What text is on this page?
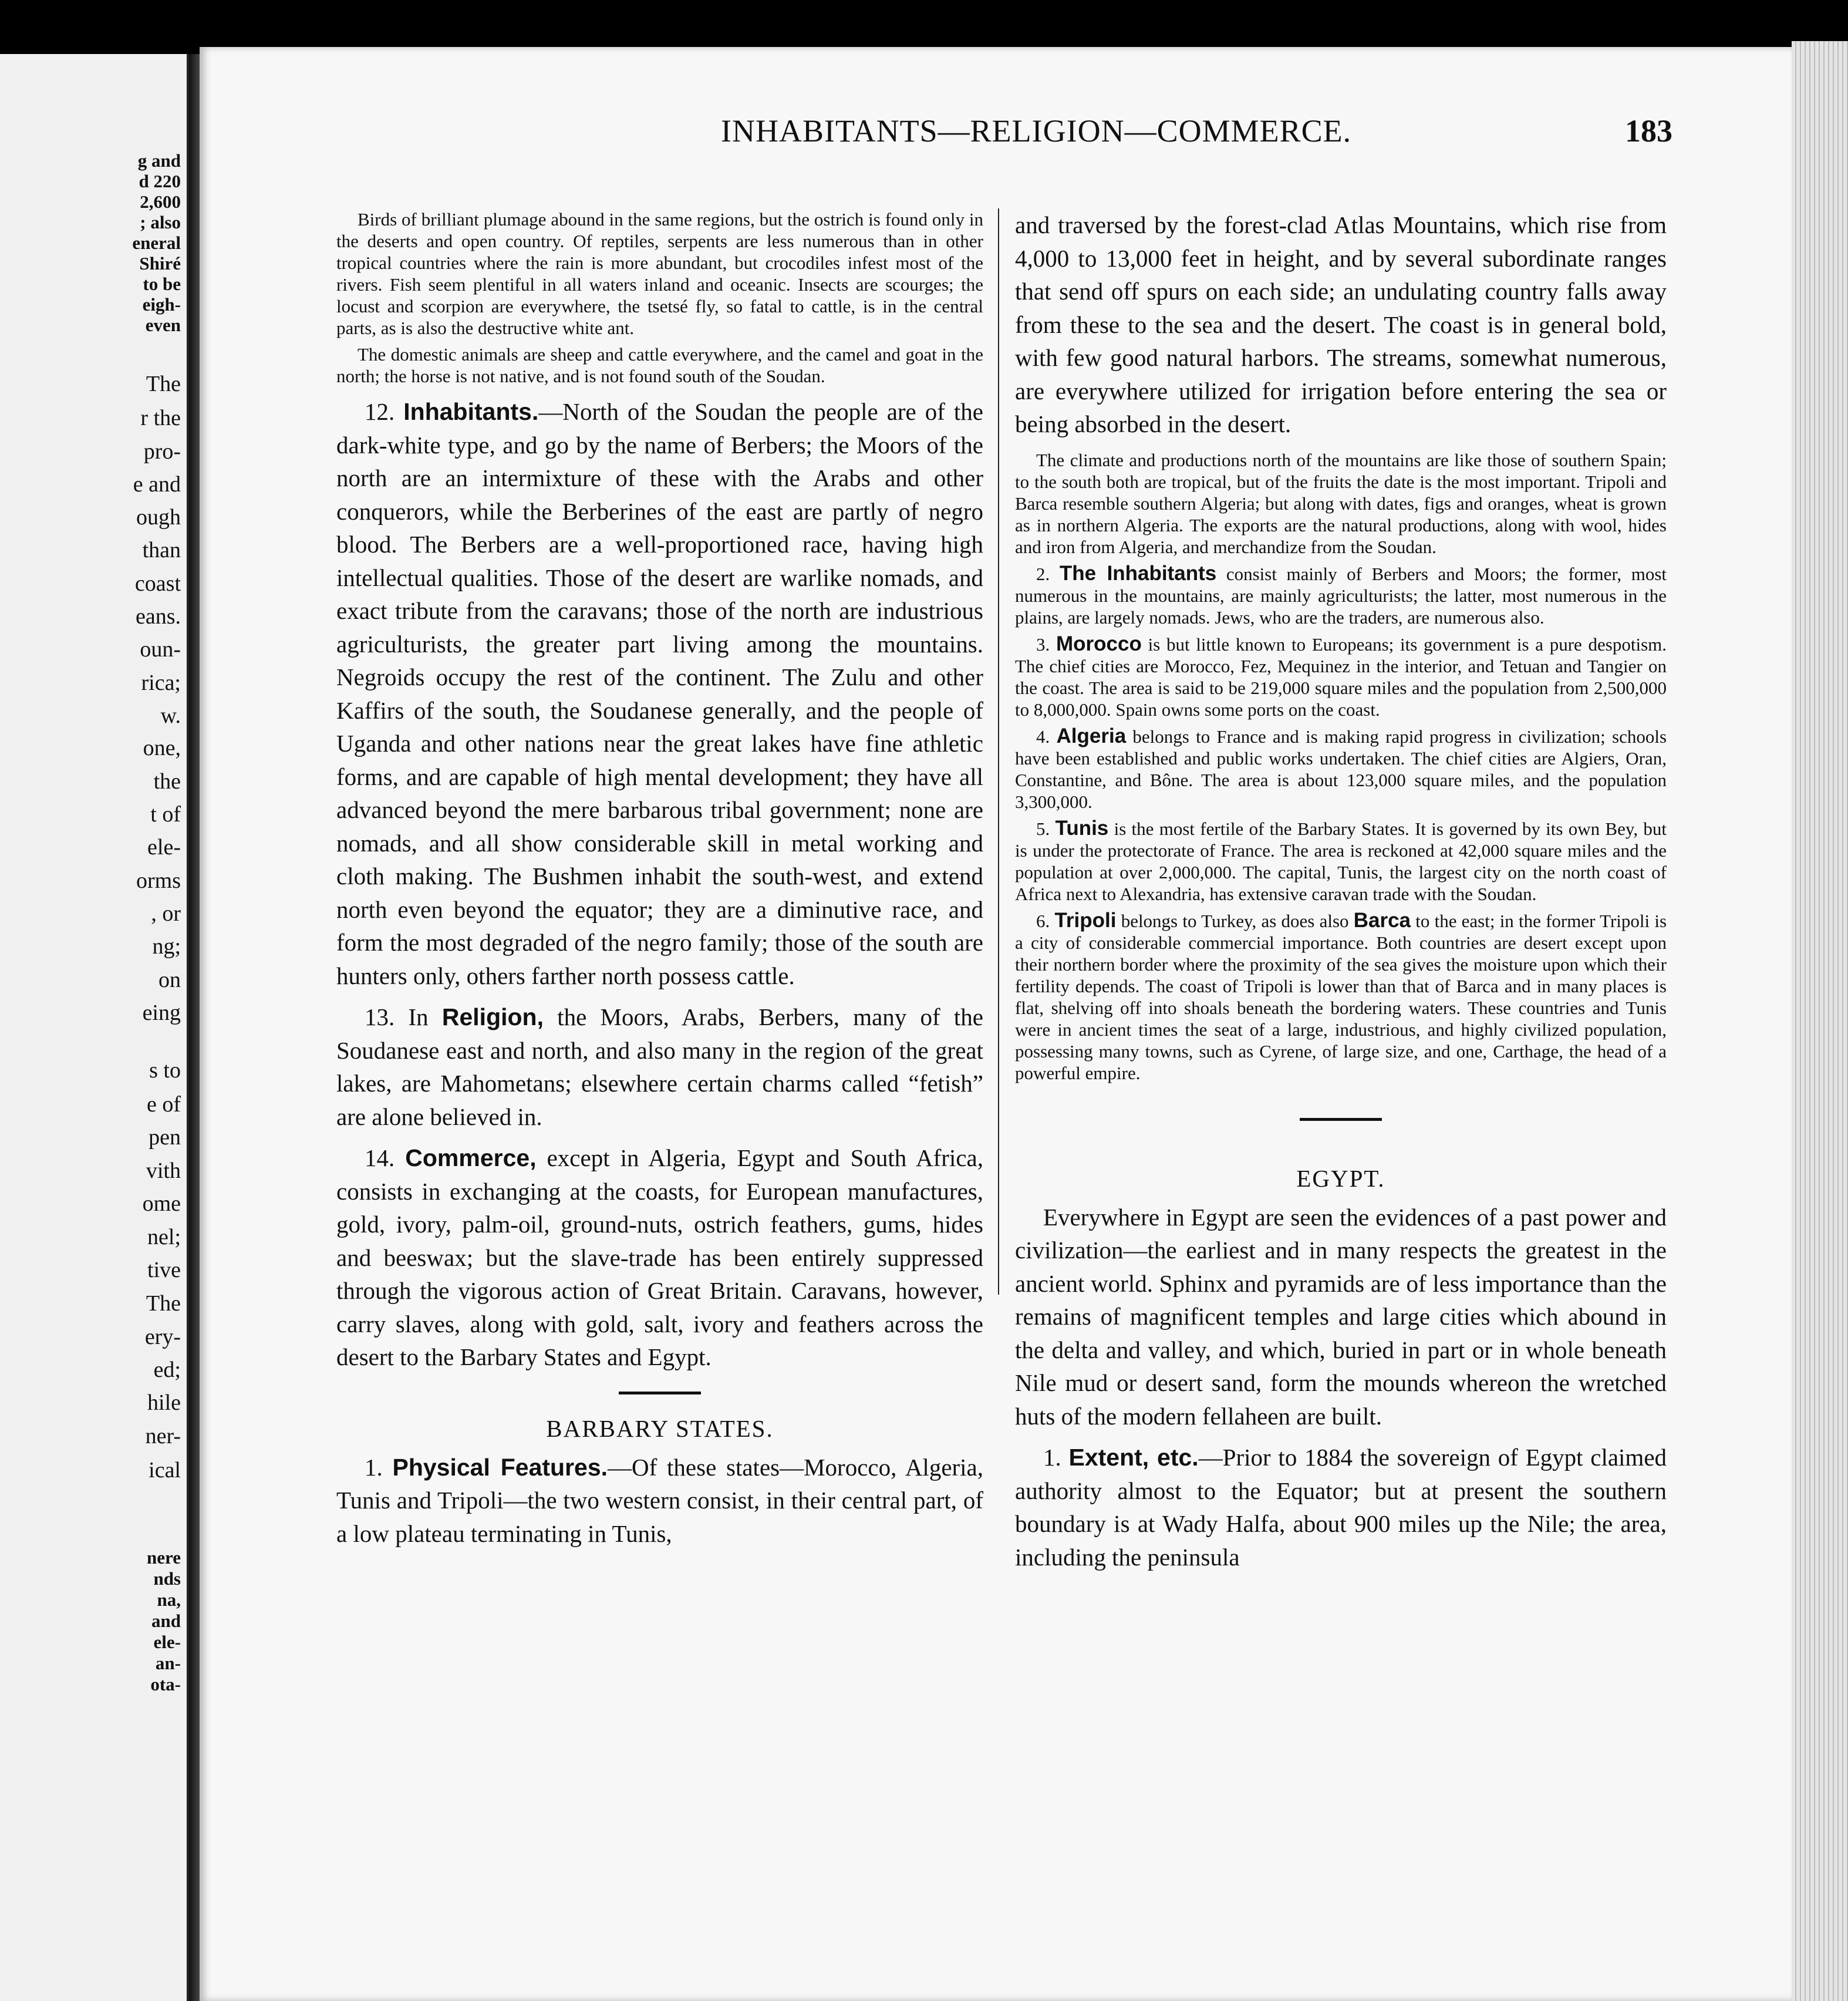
g and
d 220
2,600
; also
eneral
Shiré
to be
eigh-
even
The
r the
pro-
e and
ough
than
coast
eans.
oun-
rica;
w.
one,
the
t of
ele-
orms
, or
ng;
on
eing
s to
e of
pen
vith
ome
nel;
tive
The
ery-
ed;
hile
ner-
ical
nere
nds
na,
and
ele-
an-
ota-
INHABITANTS—RELIGION—COMMERCE.	183

Birds of brilliant plumage abound in the same regions, but the ostrich is found only in the deserts and open country. Of reptiles, serpents are less numerous than in other tropical countries where the rain is more abundant, but crocodiles infest most of the rivers. Fish seem plentiful in all waters inland and oceanic. Insects are scourges; the locust and scorpion are everywhere, the tsetsé fly, so fatal to cattle, is in the central parts, as is also the destructive white ant.

The domestic animals are sheep and cattle everywhere, and the camel and goat in the north; the horse is not native, and is not found south of the Soudan.

12. Inhabitants.—North of the Soudan the people are of the dark-white type, and go by the name of Berbers; the Moors of the north are an intermixture of these with the Arabs and other conquerors, while the Berberines of the east are partly of negro blood. The Berbers are a well-proportioned race, having high intellectual qualities. Those of the desert are warlike nomads, and exact tribute from the caravans; those of the north are industrious agriculturists, the greater part living among the mountains. Negroids occupy the rest of the continent. The Zulu and other Kaffirs of the south, the Soudanese generally, and the people of Uganda and other nations near the great lakes have fine athletic forms, and are capable of high mental development; they have all advanced beyond the mere barbarous tribal government; none are nomads, and all show considerable skill in metal working and cloth making. The Bushmen inhabit the south-west, and extend north even beyond the equator; they are a diminutive race, and form the most degraded of the negro family; those of the south are hunters only, others farther north possess cattle.

13. In Religion, the Moors, Arabs, Berbers, many of the Soudanese east and north, and also many in the region of the great lakes, are Mahometans; elsewhere certain charms called “fetish” are alone believed in.

14. Commerce, except in Algeria, Egypt and South Africa, consists in exchanging at the coasts, for European manufactures, gold, ivory, palm-oil, ground-nuts, ostrich feathers, gums, hides and beeswax; but the slave-trade has been entirely suppressed through the vigorous action of Great Britain. Caravans, however, carry slaves, along with gold, salt, ivory and feathers across the desert to the Barbary States and Egypt.

BARBARY STATES.

1. Physical Features.—Of these states—Morocco, Algeria, Tunis and Tripoli—the two western consist, in their central part, of a low plateau terminating in Tunis,

and traversed by the forest-clad Atlas Mountains, which rise from 4,000 to 13,000 feet in height, and by several subordinate ranges that send off spurs on each side; an undulating country falls away from these to the sea and the desert. The coast is in general bold, with few good natural harbors. The streams, somewhat numerous, are everywhere utilized for irrigation before entering the sea or being absorbed in the desert.

The climate and productions north of the mountains are like those of southern Spain; to the south both are tropical, but of the fruits the date is the most important. Tripoli and Barca resemble southern Algeria; but along with dates, figs and oranges, wheat is grown as in northern Algeria. The exports are the natural productions, along with wool, hides and iron from Algeria, and merchandize from the Soudan.

2. The Inhabitants consist mainly of Berbers and Moors; the former, most numerous in the mountains, are mainly agriculturists; the latter, most numerous in the plains, are largely nomads. Jews, who are the traders, are numerous also.

3. Morocco is but little known to Europeans; its government is a pure despotism. The chief cities are Morocco, Fez, Mequinez in the interior, and Tetuan and Tangier on the coast. The area is said to be 219,000 square miles and the population from 2,500,000 to 8,000,000. Spain owns some ports on the coast.

4. Algeria belongs to France and is making rapid progress in civilization; schools have been established and public works undertaken. The chief cities are Algiers, Oran, Constantine, and Bône. The area is about 123,000 square miles, and the population 3,300,000.

5. Tunis is the most fertile of the Barbary States. It is governed by its own Bey, but is under the protectorate of France. The area is reckoned at 42,000 square miles and the population at over 2,000,000. The capital, Tunis, the largest city on the north coast of Africa next to Alexandria, has extensive caravan trade with the Soudan.

6. Tripoli belongs to Turkey, as does also Barca to the east; in the former Tripoli is a city of considerable commercial importance. Both countries are desert except upon their northern border where the proximity of the sea gives the moisture upon which their fertility depends. The coast of Tripoli is lower than that of Barca and in many places is flat, shelving off into shoals beneath the bordering waters. These countries and Tunis were in ancient times the seat of a large, industrious, and highly civilized population, possessing many towns, such as Cyrene, of large size, and one, Carthage, the head of a powerful empire.

EGYPT.

Everywhere in Egypt are seen the evidences of a past power and civilization—the earliest and in many respects the greatest in the ancient world. Sphinx and pyramids are of less importance than the remains of magnificent temples and large cities which abound in the delta and valley, and which, buried in part or in whole beneath Nile mud or desert sand, form the mounds whereon the wretched huts of the modern fellaheen are built.

1. Extent, etc.—Prior to 1884 the sovereign of Egypt claimed authority almost to the Equator; but at present the southern boundary is at Wady Halfa, about 900 miles up the Nile; the area, including the peninsula
